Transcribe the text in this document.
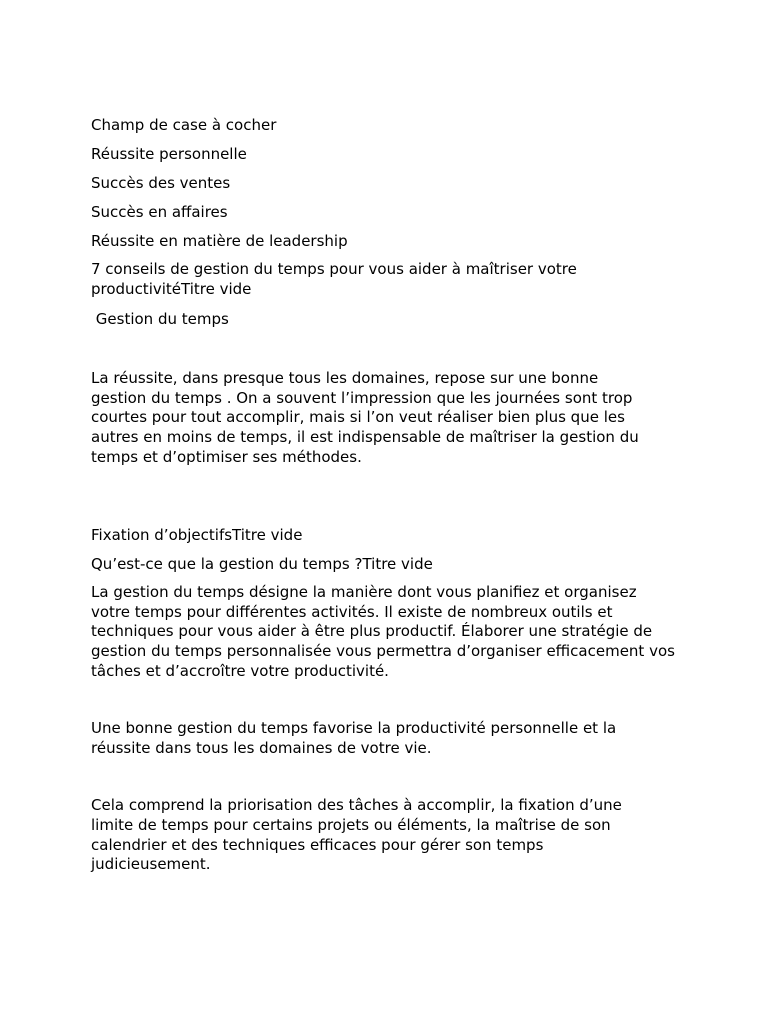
Champ de case à cocher

Réussite personnelle

Succès des ventes

Succès en affaires

Réussite en matière de leadership

7 conseils de gestion du temps pour vous aider à maîtriser votre productivitéTitre vide

Gestion du temps

La réussite, dans presque tous les domaines, repose sur une bonne gestion du temps . On a souvent l’impression que les journées sont trop courtes pour tout accomplir, mais si l’on veut réaliser bien plus que les autres en moins de temps, il est indispensable de maîtriser la gestion du temps et d’optimiser ses méthodes.

Fixation d’objectifsTitre vide

Qu’est-ce que la gestion du temps ?Titre vide

La gestion du temps désigne la manière dont vous planifiez et organisez votre temps pour différentes activités. Il existe de nombreux outils et techniques pour vous aider à être plus productif. Élaborer une stratégie de gestion du temps personnalisée vous permettra d’organiser efficacement vos tâches et d’accroître votre productivité.

Une bonne gestion du temps favorise la productivité personnelle et la réussite dans tous les domaines de votre vie.

Cela comprend la priorisation des tâches à accomplir, la fixation d’une limite de temps pour certains projets ou éléments, la maîtrise de son calendrier et des techniques efficaces pour gérer son temps judicieusement.
